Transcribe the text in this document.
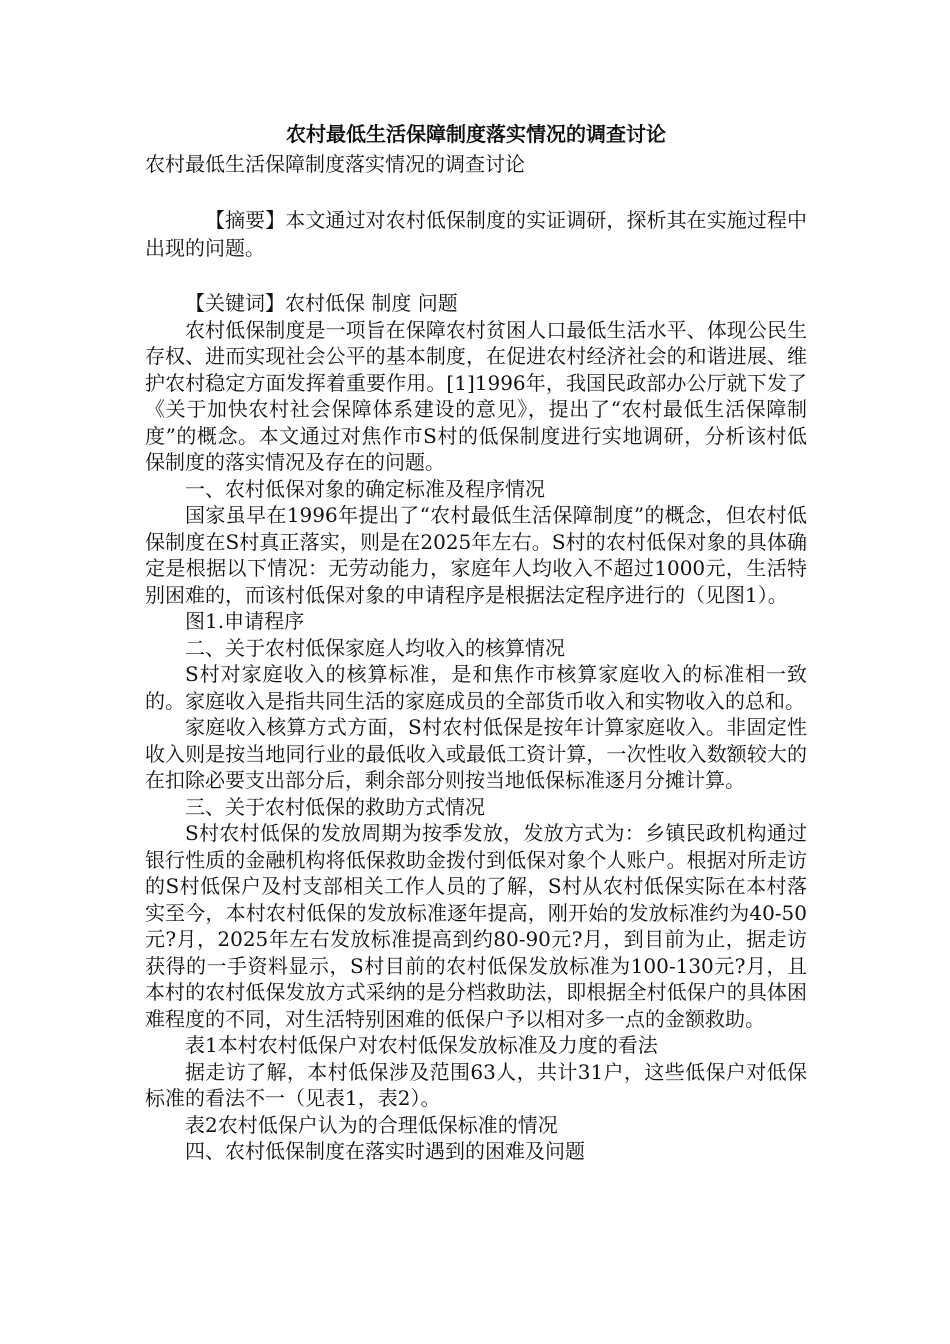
农村最低生活保障制度落实情况的调查讨论
农村最低生活保障制度落实情况的调查讨论

【摘要】本文通过对农村低保制度的实证调研，探析其在实施过程中出现的问题。

【关键词】农村低保 制度 问题

农村低保制度是一项旨在保障农村贫困人口最低生活水平、体现公民生存权、进而实现社会公平的基本制度，在促进农村经济社会的和谐进展、维护农村稳定方面发挥着重要作用。[1]1996年，我国民政部办公厅就下发了《关于加快农村社会保障体系建设的意见》，提出了“农村最低生活保障制度”的概念。本文通过对焦作市S村的低保制度进行实地调研，分析该村低保制度的落实情况及存在的问题。

一、农村低保对象的确定标准及程序情况

国家虽早在1996年提出了“农村最低生活保障制度”的概念，但农村低保制度在S村真正落实，则是在2025年左右。S村的农村低保对象的具体确定是根据以下情况：无劳动能力，家庭年人均收入不超过1000元，生活特别困难的，而该村低保对象的申请程序是根据法定程序进行的（见图1）。

图1.申请程序

二、关于农村低保家庭人均收入的核算情况

S村对家庭收入的核算标准，是和焦作市核算家庭收入的标准相一致的。家庭收入是指共同生活的家庭成员的全部货币收入和实物收入的总和。

家庭收入核算方式方面，S村农村低保是按年计算家庭收入。非固定性收入则是按当地同行业的最低收入或最低工资计算，一次性收入数额较大的在扣除必要支出部分后，剩余部分则按当地低保标准逐月分摊计算。

三、关于农村低保的救助方式情况

S村农村低保的发放周期为按季发放，发放方式为：乡镇民政机构通过银行性质的金融机构将低保救助金拨付到低保对象个人账户。根据对所走访的S村低保户及村支部相关工作人员的了解，S村从农村低保实际在本村落实至今，本村农村低保的发放标准逐年提高，刚开始的发放标准约为40-50元?月，2025年左右发放标准提高到约80-90元?月，到目前为止，据走访获得的一手资料显示，S村目前的农村低保发放标准为100-130元?月，且本村的农村低保发放方式采纳的是分档救助法，即根据全村低保户的具体困难程度的不同，对生活特别困难的低保户予以相对多一点的金额救助。

表1本村农村低保户对农村低保发放标准及力度的看法

据走访了解，本村低保涉及范围63人，共计31户，这些低保户对低保标准的看法不一（见表1，表2）。

表2农村低保户认为的合理低保标准的情况

四、农村低保制度在落实时遇到的困难及问题
